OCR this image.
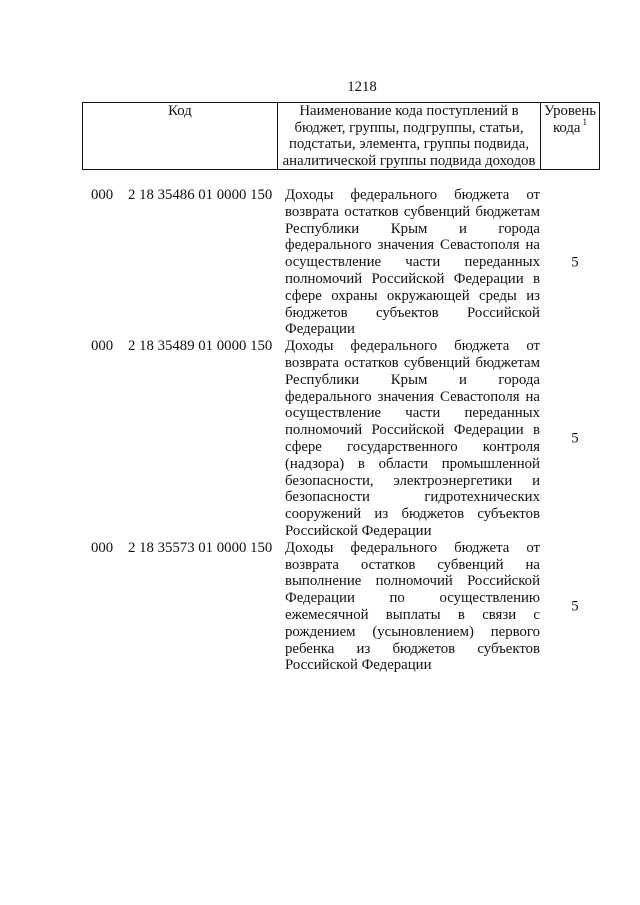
1218
Код	Наименование кода поступлений в
бюджет, группы, подгруппы, статьи,
подстатьи, элемента, группы подвида,
аналитической группы подвида доходов
Уровень
кода $^1$
000 2 18 35486 01 0000 150 Доходы федерального бюджета от
возврата остатков субвенций бюджетам
Республики Крым и города
федерального значения Севастополя на
осуществление части переданных
полномочий Российской Федерации в
сфере охраны окружающей среды из
бюджетов субъектов Российской
Федерации
5
000 2 18 35489 01 0000 150 Доходы федерального бюджета от
возврата остатков субвенций бюджетам
Республики Крым и города
федерального значения Севастополя на
осуществление части переданных
полномочий Российской Федерации в
сфере государственного контроля
(надзора) в области промышленной
безопасности, электроэнергетики и
безопасности	гидротехнических
сооружений из бюджетов субъектов
Российской Федерации
5
000 2 18 35573 01 0000 150 Доходы федерального бюджета от
возврата остатков субвенций на
выполнение полномочий Российской
Федерации по осуществлению
ежемесячной выплаты в связи с
рождением (усыновлением) первого
ребенка из бюджетов субъектов
Российской Федерации
5
